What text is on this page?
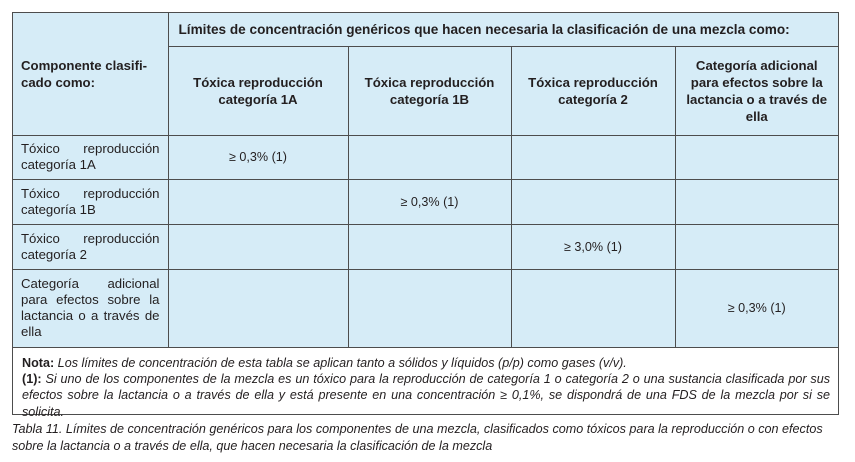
Componente clasifi-cado como:	Límites de concentración genéricos que hacen necesaria la clasificación de una mezcla como:			
	Tóxica reproducción categoría 1A	Tóxica reproducción categoría 1B	Tóxica reproducción categoría 2	Categoría adicional para efectos sobre la lactancia o a través de ella
Tóxico reproducción categoría 1A	≥ 0,3% (1)			
Tóxico reproducción categoría 1B		≥ 0,3% (1)		
Tóxico reproducción categoría 2			≥ 3,0% (1)	
Categoría adicional para efectos sobre la lactancia o a través de ella				≥ 0,3% (1)

Nota: Los límites de concentración de esta tabla se aplican tanto a sólidos y líquidos (p/p) como gases (v/v).

(1): Si uno de los componentes de la mezcla es un tóxico para la reproducción de categoría 1 o categoría 2 o una sustancia clasificada por sus efectos sobre la lactancia o a través de ella y está presente en una concentración ≥ 0,1%, se dispondrá de una FDS de la mezcla por si se solicita.

Tabla 11. Límites de concentración genéricos para los componentes de una mezcla, clasificados como tóxicos para la reproducción o con efectos sobre la lactancia o a través de ella, que hacen necesaria la clasificación de la mezcla
